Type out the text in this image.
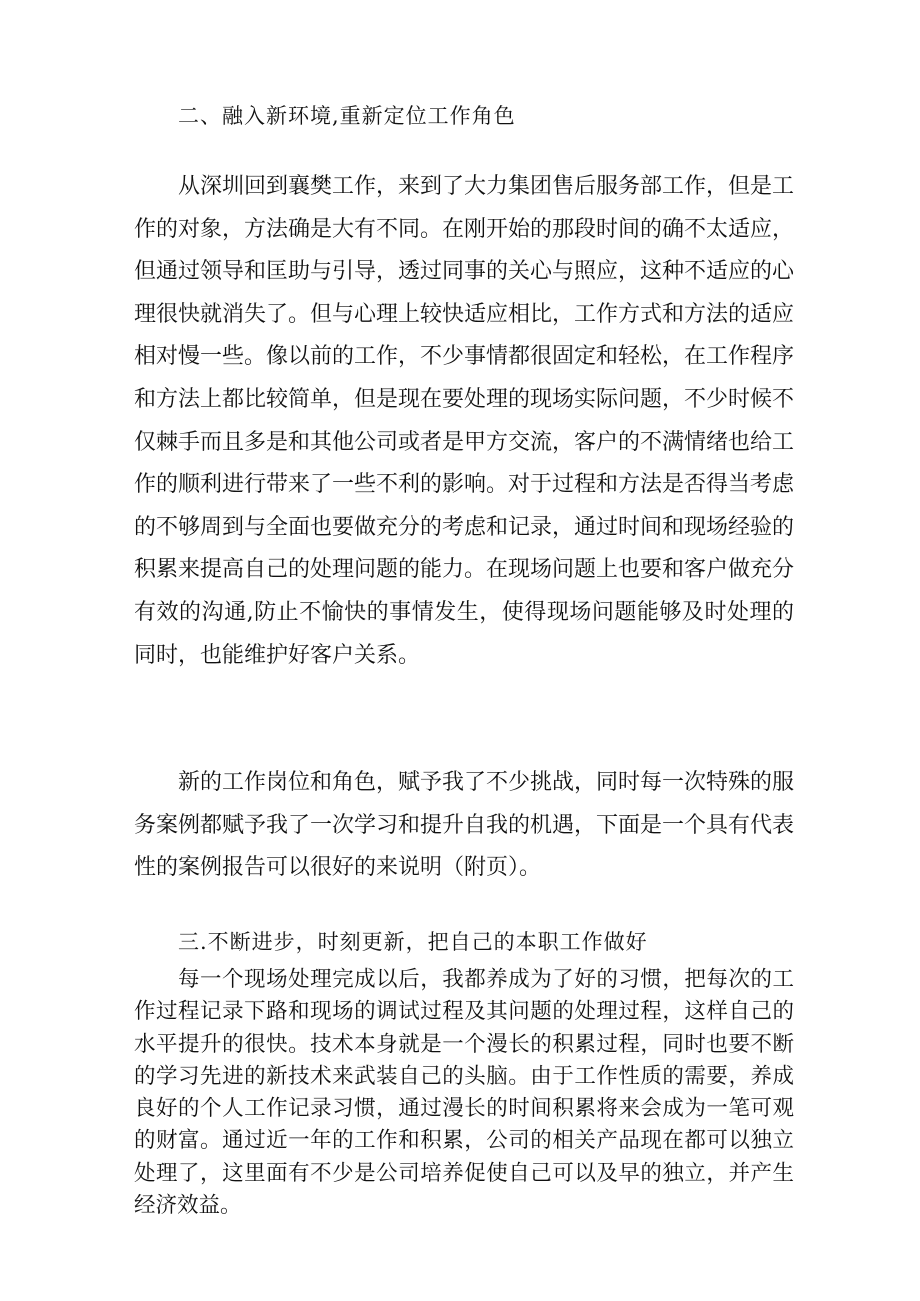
二、融入新环境,重新定位工作角色

从深圳回到襄樊工作，来到了大力集团售后服务部工作，但是工作的对象，方法确是大有不同。在刚开始的那段时间的确不太适应，但通过领导和匡助与引导，透过同事的关心与照应，这种不适应的心理很快就消失了。但与心理上较快适应相比，工作方式和方法的适应相对慢一些。像以前的工作，不少事情都很固定和轻松，在工作程序和方法上都比较简单，但是现在要处理的现场实际问题，不少时候不仅棘手而且多是和其他公司或者是甲方交流，客户的不满情绪也给工作的顺利进行带来了一些不利的影响。对于过程和方法是否得当考虑的不够周到与全面也要做充分的考虑和记录，通过时间和现场经验的积累来提高自己的处理问题的能力。在现场问题上也要和客户做充分有效的沟通,防止不愉快的事情发生，使得现场问题能够及时处理的同时，也能维护好客户关系。

新的工作岗位和角色，赋予我了不少挑战，同时每一次特殊的服务案例都赋予我了一次学习和提升自我的机遇，下面是一个具有代表性的案例报告可以很好的来说明（附页）。

三.不断进步，时刻更新，把自己的本职工作做好

每一个现场处理完成以后，我都养成为了好的习惯，把每次的工作过程记录下路和现场的调试过程及其问题的处理过程，这样自己的水平提升的很快。技术本身就是一个漫长的积累过程，同时也要不断的学习先进的新技术来武装自己的头脑。由于工作性质的需要，养成良好的个人工作记录习惯，通过漫长的时间积累将来会成为一笔可观的财富。通过近一年的工作和积累，公司的相关产品现在都可以独立处理了，这里面有不少是公司培养促使自己可以及早的独立，并产生经济效益。
